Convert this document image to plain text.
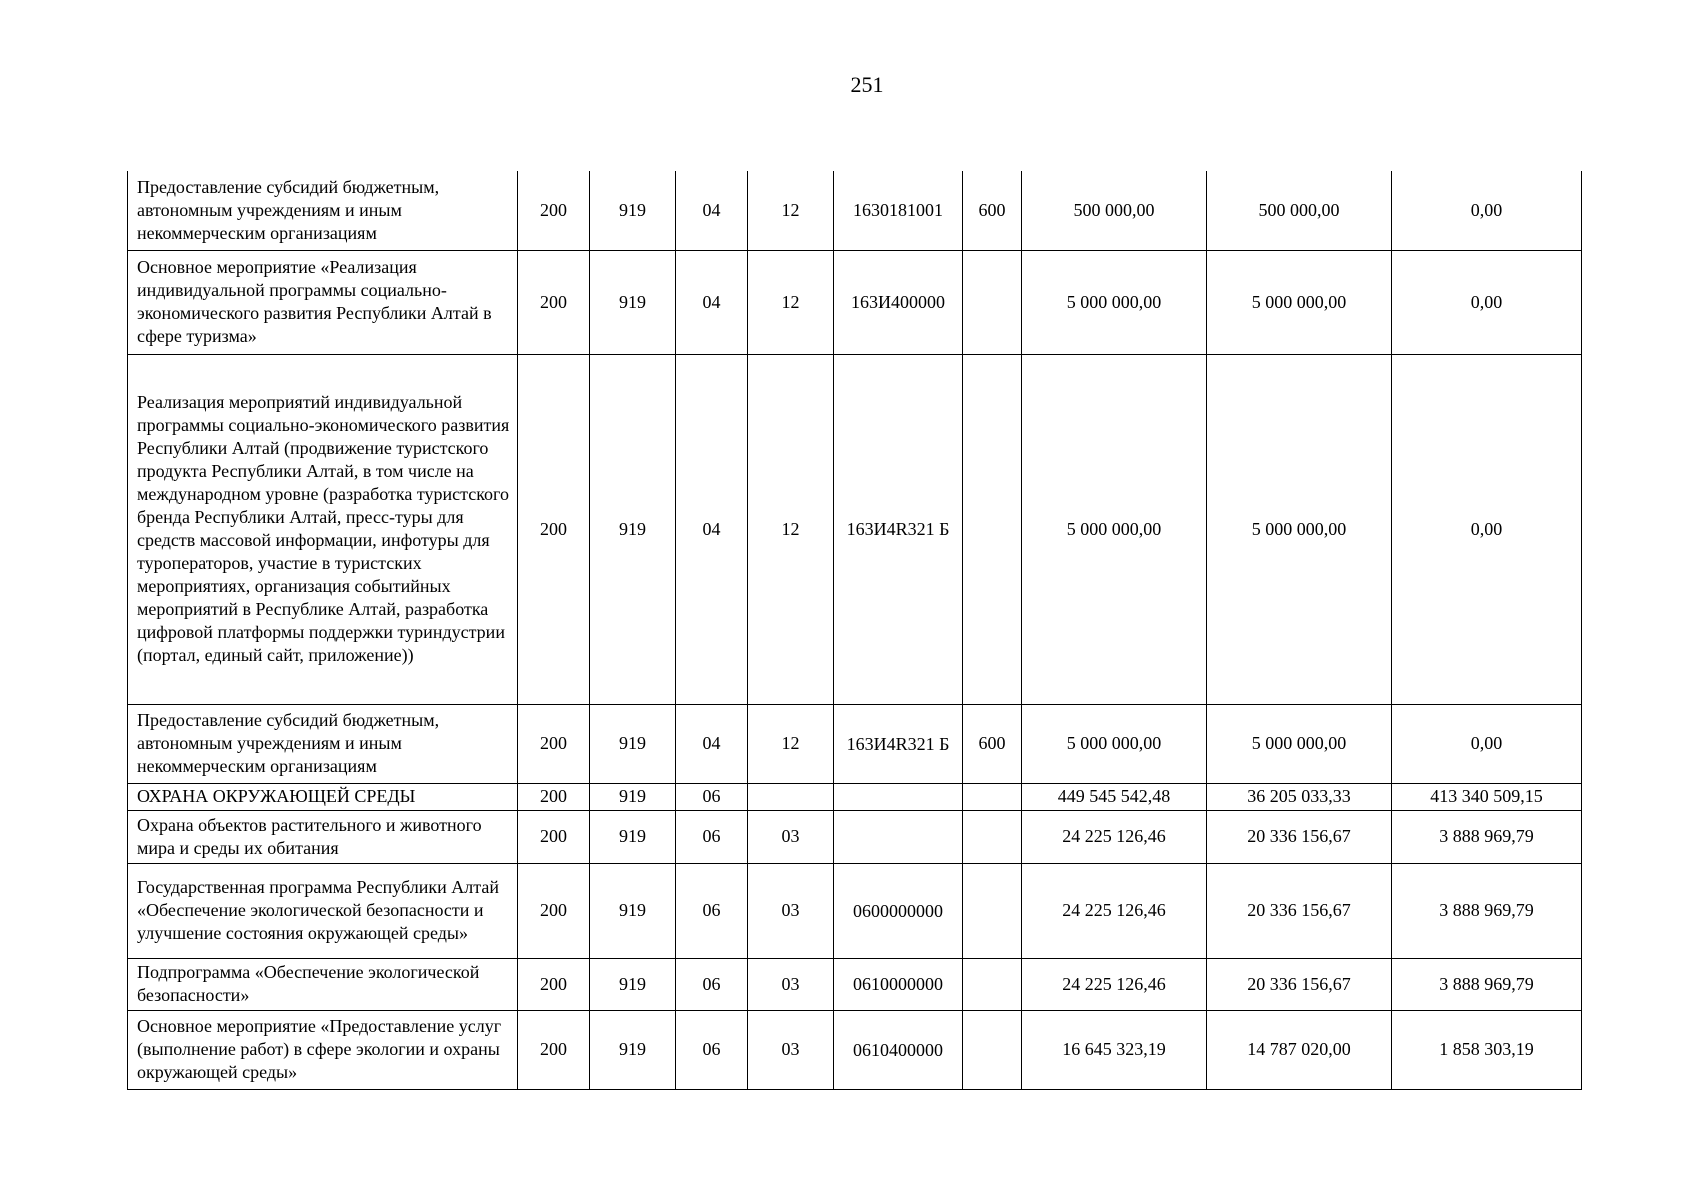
251
Предоставление субсидий бюджетным, автономным учреждениям и иным некоммерческим организациям	200	919	04	12	1630181001	600	500 000,00	500 000,00	0,00
Основное мероприятие «Реализация индивидуальной программы социально-экономического развития Республики Алтай в сфере туризма»	200	919	04	12	163И400000		5 000 000,00	5 000 000,00	0,00
Реализация мероприятий индивидуальной программы социально-экономического развития Республики Алтай (продвижение туристского продукта Республики Алтай, в том числе на международном уровне (разработка туристского бренда Республики Алтай, пресс-туры для средств массовой информации, инфотуры для туроператоров, участие в туристских мероприятиях, организация событийных мероприятий в Республике Алтай, разработка цифровой платформы поддержки туриндустрии (портал, единый сайт, приложение))	200	919	04	12	163И4R321 Б		5 000 000,00	5 000 000,00	0,00
Предоставление субсидий бюджетным, автономным учреждениям и иным некоммерческим организациям	200	919	04	12	163И4R321 Б	600	5 000 000,00	5 000 000,00	0,00
ОХРАНА ОКРУЖАЮЩЕЙ СРЕДЫ	200	919	06				449 545 542,48	36 205 033,33	413 340 509,15
Охрана объектов растительного и животного мира и среды их обитания	200	919	06	03			24 225 126,46	20 336 156,67	3 888 969,79
Государственная программа Республики Алтай «Обеспечение экологической безопасности и улучшение состояния окружающей среды»	200	919	06	03	0600000000		24 225 126,46	20 336 156,67	3 888 969,79
Подпрограмма «Обеспечение экологической безопасности»	200	919	06	03	0610000000		24 225 126,46	20 336 156,67	3 888 969,79
Основное мероприятие «Предоставление услуг (выполнение работ) в сфере экологии и охраны окружающей среды»	200	919	06	03	0610400000		16 645 323,19	14 787 020,00	1 858 303,19
